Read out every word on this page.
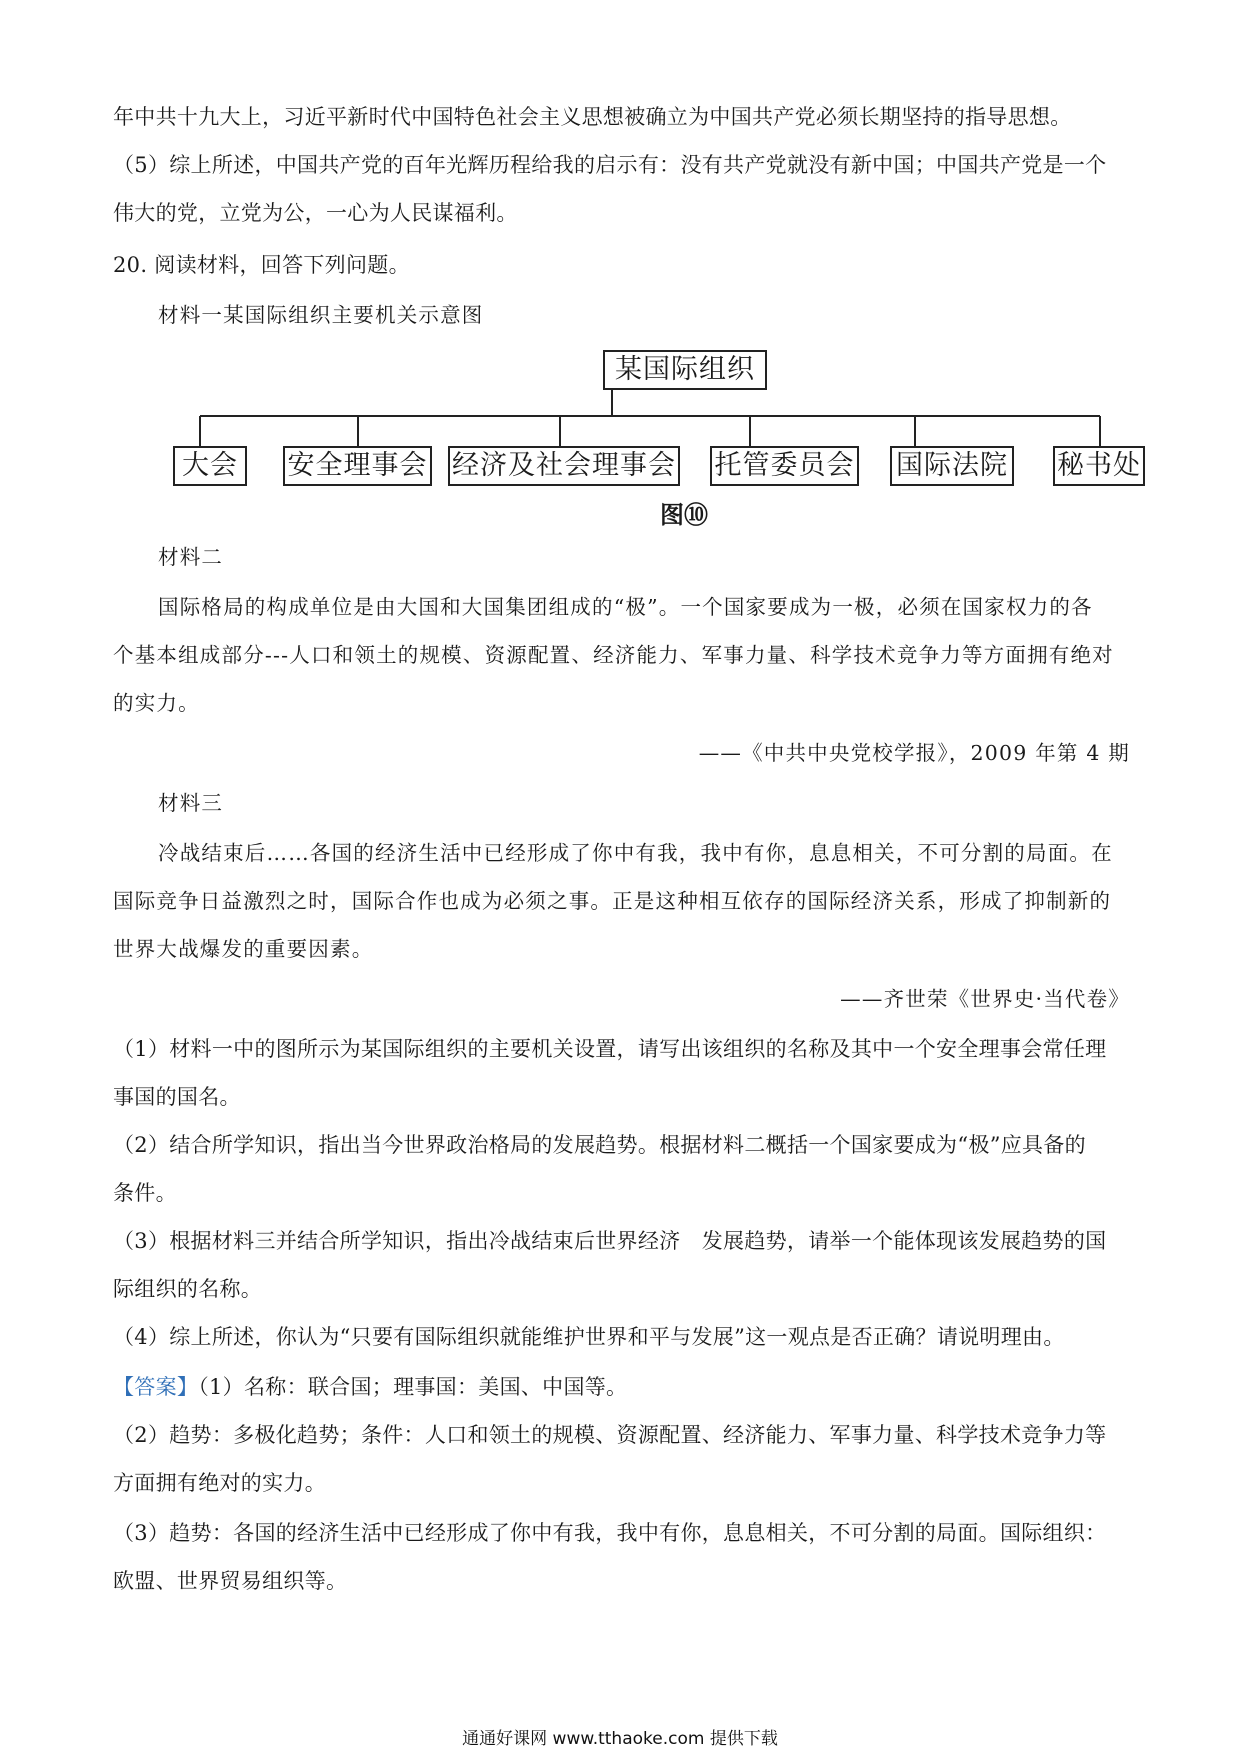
年中共十九大上，习近平新时代中国特色社会主义思想被确立为中国共产党必须长期坚持的指导思想。
（5）综上所述，中国共产党的百年光辉历程给我的启示有：没有共产党就没有新中国；中国共产党是一个
伟大的党，立党为公，一心为人民谋福利。
20. 阅读材料，回答下列问题。
材料一某国际组织主要机关示意图
某国际组织
大会	安全理事会 经济及社会理事会 托管委员会 国际法院 秘书处
图⑩
材料二
国际格局的构成单位是由大国和大国集团组成的“极”。一个国家要成为一极，必须在国家权力的各
个基本组成部分---人口和领土的规模、资源配置、经济能力、军事力量、科学技术竞争力等方面拥有绝对
的实力。
——《中共中央党校学报》，2009 年第 4 期
材料三
冷战结束后……各国的经济生活中已经形成了你中有我，我中有你，息息相关，不可分割的局面。在
国际竞争日益激烈之时，国际合作也成为必须之事。正是这种相互依存的国际经济关系，形成了抑制新的
世界大战爆发的重要因素。
——齐世荣《世界史·当代卷》
（1）材料一中的图所示为某国际组织的主要机关设置，请写出该组织的名称及其中一个安全理事会常任理
事国的国名。
（2）结合所学知识，指出当今世界政治格局的发展趋势。根据材料二概括一个国家要成为“极”应具备的
条件。
（3）根据材料三并结合所学知识，指出冷战结束后世界经济　发展趋势，请举一个能体现该发展趋势的国
际组织的名称。
（4）综上所述，你认为“只要有国际组织就能维护世界和平与发展”这一观点是否正确？请说明理由。
【答案】（1）名称：联合国；理事国：美国、中国等。
（2）趋势：多极化趋势；条件：人口和领土的规模、资源配置、经济能力、军事力量、科学技术竞争力等
方面拥有绝对的实力。
（3）趋势：各国的经济生活中已经形成了你中有我，我中有你，息息相关，不可分割的局面。国际组织：
欧盟、世界贸易组织等。
通通好课网 www.tthaoke.com 提供下载
